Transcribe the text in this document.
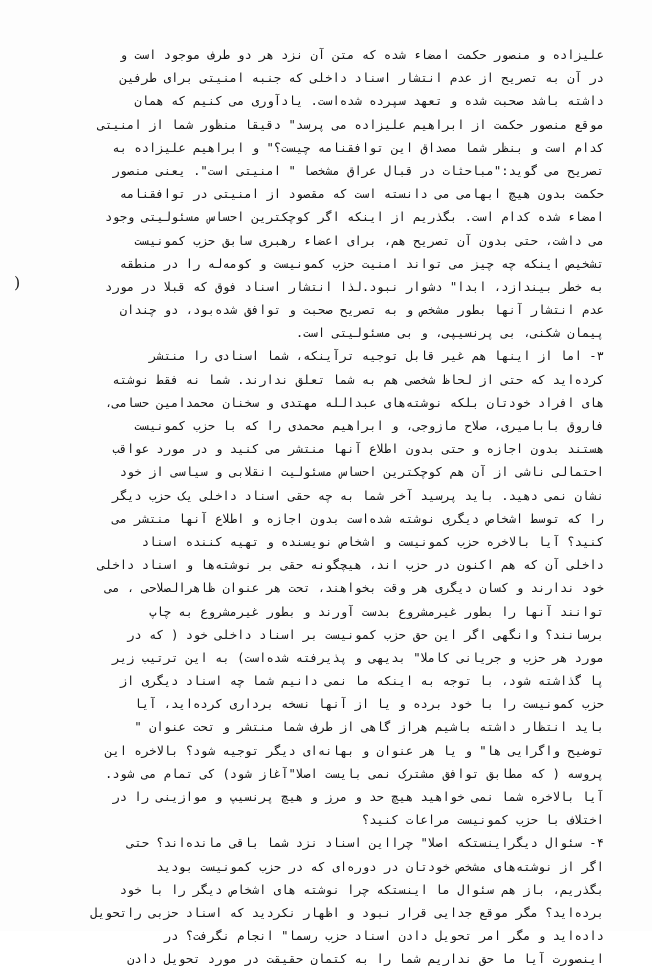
)
علیزاده و منصور حکمت امضاء شده که متن آن نزد هر دو طرف موجود است و
در آن به تصریح از عدم انتشار اسناد داخلی که جنبه امنیتی برای طرفین
داشته باشد صحبت شده و تعهد سپرده شده‌است. یادآوری می کنیم که همان
موقع منصور حکمت از ابراهیم علیزاده می پرسد" دقیقا منظور شما از امنیتی
کدام است و بنظر شما مصداق این توافقنامه چیست؟" و ابراهیم علیزاده به
تصریح می گوید:"مباحثات در قبال عراق مشخصا " امنیتی است". یعنی منصور
حکمت بدون هیچ ابهامی می دانسته است که مقصود از امنیتی در توافقنامه
امضاء شده کدام است. بگذریم از اینکه اگر کوچکترین احساس مسئولیتی وجود
می داشت، حتی بدون آن تصریح هم، برای اعضاء رهبری سابق حزب کمونیست
تشخیص اینکه چه چیز می تواند امنیت حزب کمونیست و کومه‌له را در منطقه
به خطر بیندازد، ابدا" دشوار نبود.لذا انتشار اسناد فوق که قبلا در مورد
عدم انتشار آنها بطور مشخص و به تصریح صحبت و توافق شده‌بود، دو چندان
پیمان شکنی، بی پرنسیپی، و بی مسئولیتی است.
۳- اما از اینها هم غیر قابل توجیه ترآینکه، شما اسنادی را منتشر
کرده‌اید که حتی از لحاظ شخصی هم به شما تعلق ندارند. شما نه فقط نوشته
های افراد خودتان بلکه نوشته‌های عبدالله مهتدی و سخنان محمدامین حسامی،
فاروق بابامیری، صلاح مازوجی، و ابراهیم محمدی را که با حزب کمونیست
هستند بدون اجازه و حتی بدون اطلاع آنها منتشر می کنید و در مورد عواقب
احتمالی ناشی از آن هم کوچکترین احساس مسئولیت انقلابی و سیاسی از خود
نشان نمی دهید. باید پرسید آخر شما به چه حقی اسناد داخلی یک حزب دیگر
را که توسط اشخاص دیگری نوشته شده‌است بدون اجازه و اطلاع آنها منتشر می
کنید؟ آیا بالاخره حزب کمونیست و اشخاص نویسنده و تهیه کننده اسناد
داخلی آن که هم اکنون در حزب اند، هیچگونه حقی بر نوشته‌ها و اسناد داخلی
خود ندارند و کسان دیگری هر وقت بخواهند، تحت هر عنوان ظاهرالصلاحی ، می
توانند آنها را بطور غیرمشروع بدست آورند و بطور غیرمشروع به چاپ
برسانند؟ وانگهی اگر این حق حزب کمونیست بر اسناد داخلی خود ( که در
مورد هر حزب و جریانی کاملا" بدیهی و پذیرفته شده‌است) به این ترتیب زیر
پا گذاشته شود، با توجه به اینکه ما نمی دانیم شما چه اسناد دیگری از
حزب کمونیست را با خود برده و یا از آنها نسخه برداری کرده‌اید، آیا
باید انتظار داشته باشیم هراز گاهی از طرف شما منتشر و تحت عنوان "
توضیح واگرایی ها" و یا هر عنوان و بهانه‌ای دیگر توجیه شود؟ بالاخره این
پروسه ( که مطابق توافق مشترک نمی بایست اصلا"آغاز شود) کی تمام می شود.
آیا بالاخره شما نمی خواهید هیچ حد و مرز و هیچ پرنسیپ و موازینی را در
اختلاف با حزب کمونیست مراعات کنید؟
۴- سئوال دیگراینستکه اصلا" چرااین اسناد نزد شما باقی مانده‌اند؟ حتی
اگر از نوشته‌های مشخص خودتان در دوره‌ای که در حزب کمونیست بودید
بگذریم، باز هم سئوال ما اینستکه چرا نوشته های اشخاص دیگر را با خود
برده‌اید؟ مگر موقع جدایی قرار نبود و اظهار نکردید که اسناد حزبی راتحویل
داده‌اید و مگر امر تحویل دادن اسناد حزب رسما" انجام نگرفت؟ در
اینصورت آیا ما حق نداریم شما را به کتمان حقیقت در مورد تحویل دادن
